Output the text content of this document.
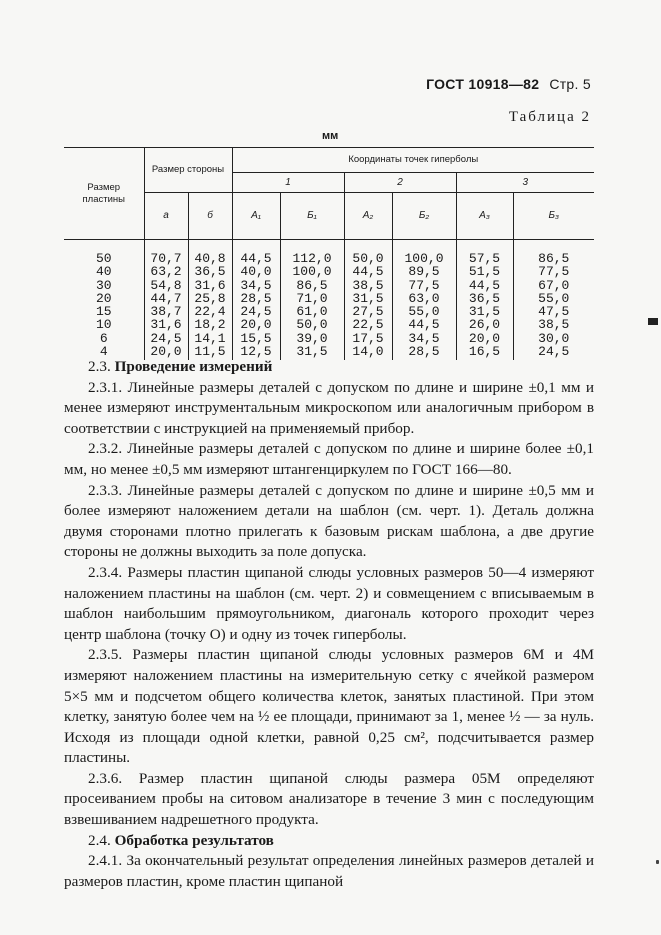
ГОСТ 10918—82 Стр. 5
Таблица 2
мм
Размер пластины	Размер стороны		Координаты точек гиперболы					
			1		2		3	
	а	б	А₁	Б₁	А₂	Б₂	А₃	Б₃

50	70,7	40,8	44,5	112,0	50,0	100,0	57,5	86,5
40	63,2	36,5	40,0	100,0	44,5	89,5	51,5	77,5
30	54,8	31,6	34,5	86,5	38,5	77,5	44,5	67,0
20	44,7	25,8	28,5	71,0	31,5	63,0	36,5	55,0
15	38,7	22,4	24,5	61,0	27,5	55,0	31,5	47,5
10	31,6	18,2	20,0	50,0	22,5	44,5	26,0	38,5
6	24,5	14,1	15,5	39,0	17,5	34,5	20,0	30,0
4	20,0	11,5	12,5	31,5	14,0	28,5	16,5	24,5

2.3. Проведение измерений

2.3.1. Линейные размеры деталей с допуском по длине и ширине ±0,1 мм и менее измеряют инструментальным микроскопом или аналогичным прибором в соответствии с инструкцией на применяемый прибор.

2.3.2. Линейные размеры деталей с допуском по длине и ширине более ±0,1 мм, но менее ±0,5 мм измеряют штангенциркулем по ГОСТ 166—80.

2.3.3. Линейные размеры деталей с допуском по длине и ширине ±0,5 мм и более измеряют наложением детали на шаблон (см. черт. 1). Деталь должна двумя сторонами плотно прилегать к базовым рискам шаблона, а две другие стороны не должны выходить за поле допуска.

2.3.4. Размеры пластин щипаной слюды условных размеров 50—4 измеряют наложением пластины на шаблон (см. черт. 2) и совмещением с вписываемым в шаблон наибольшим прямоугольником, диагональ которого проходит через центр шаблона (точку О) и одну из точек гиперболы.

2.3.5. Размеры пластин щипаной слюды условных размеров 6М и 4М измеряют наложением пластины на измерительную сетку с ячейкой размером 5×5 мм и подсчетом общего количества клеток, занятых пластиной. При этом клетку, занятую более чем на ½ ее площади, принимают за 1, менее ½ — за нуль. Исходя из площади одной клетки, равной 0,25 см², подсчитывается размер пластины.

2.3.6. Размер пластин щипаной слюды размера 05М определяют просеиванием пробы на ситовом анализаторе в течение 3 мин с последующим взвешиванием надрешетного продукта.

2.4. Обработка результатов

2.4.1. За окончательный результат определения линейных размеров деталей и размеров пластин, кроме пластин щипаной
